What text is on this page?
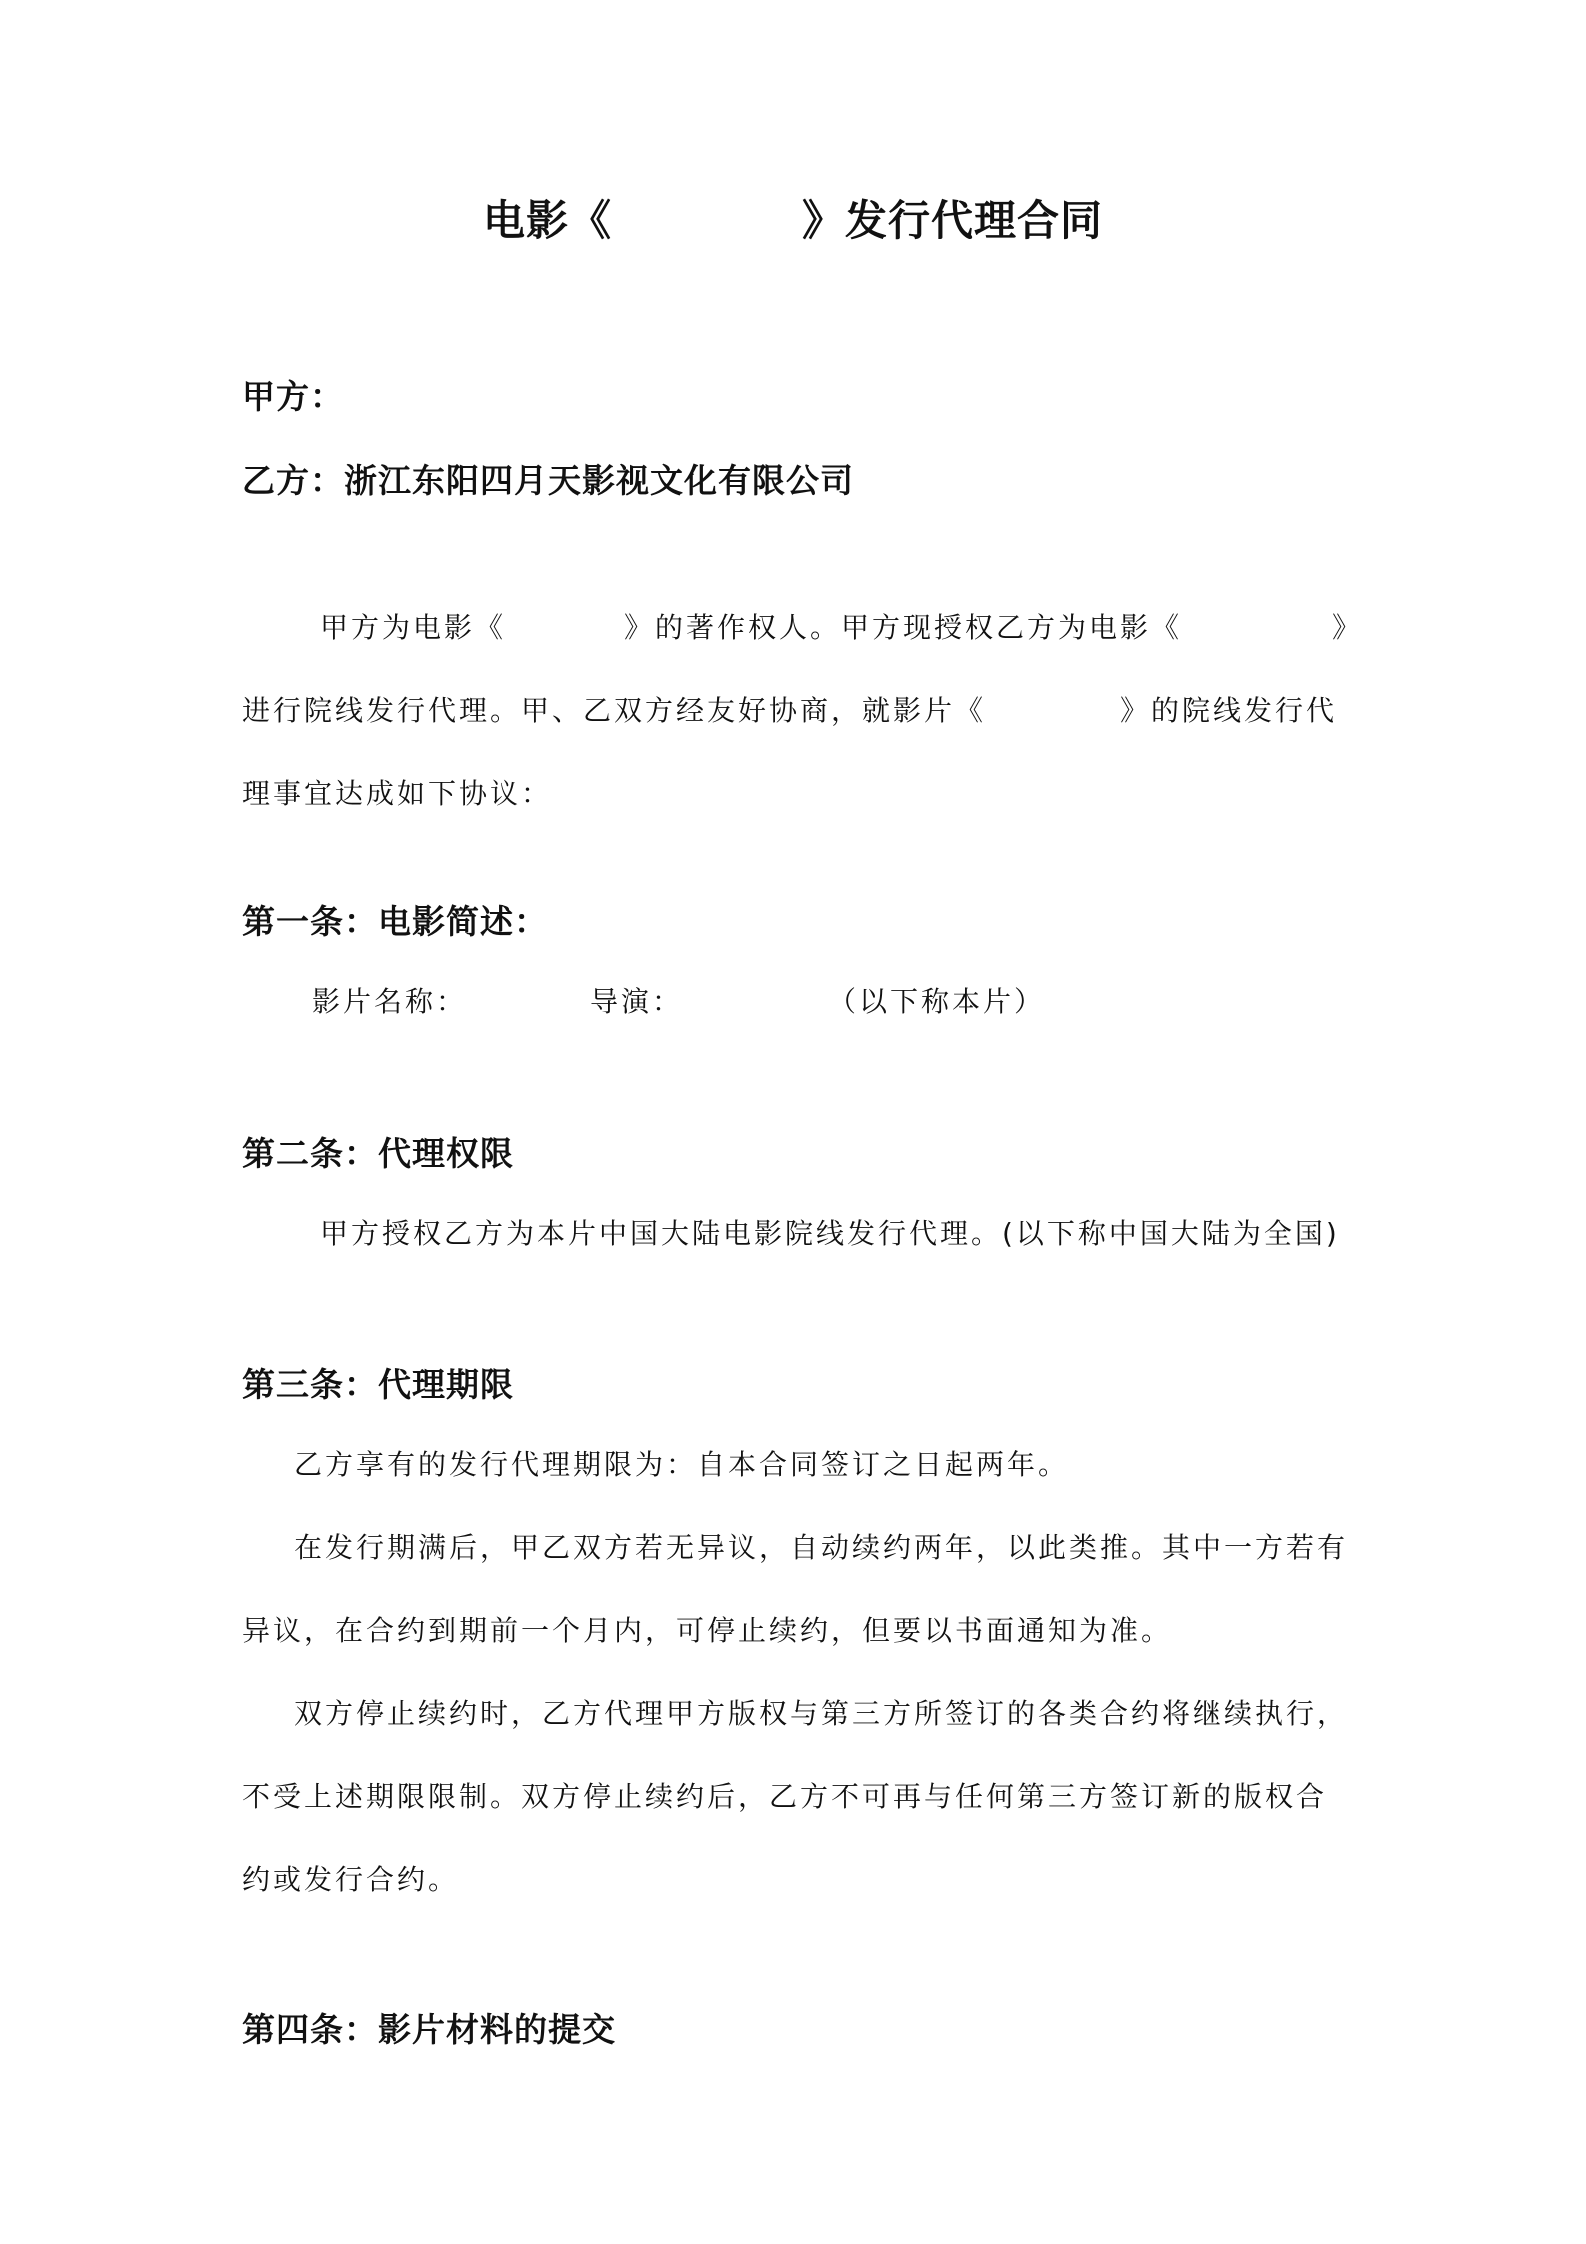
电影《	》发行代理合同
甲方：
乙方：浙江东阳四月天影视文化有限公司
甲方为电影《	》的著作权人。甲方现授权乙方为电影《	》
进行院线发行代理。甲、乙双方经友好协商，就影片《	》的院线发行代
理事宜达成如下协议：
第一条：电影简述：
影片名称：	导演：	（以下称本片）
第二条：代理权限
甲方授权乙方为本片中国大陆电影院线发行代理。(以下称中国大陆为全国)
第三条：代理期限
乙方享有的发行代理期限为：自本合同签订之日起两年。
在发行期满后，甲乙双方若无异议，自动续约两年，以此类推。其中一方若有
异议，在合约到期前一个月内，可停止续约，但要以书面通知为准。
双方停止续约时，乙方代理甲方版权与第三方所签订的各类合约将继续执行，
不受上述期限限制。双方停止续约后，乙方不可再与任何第三方签订新的版权合
约或发行合约。
第四条：影片材料的提交
